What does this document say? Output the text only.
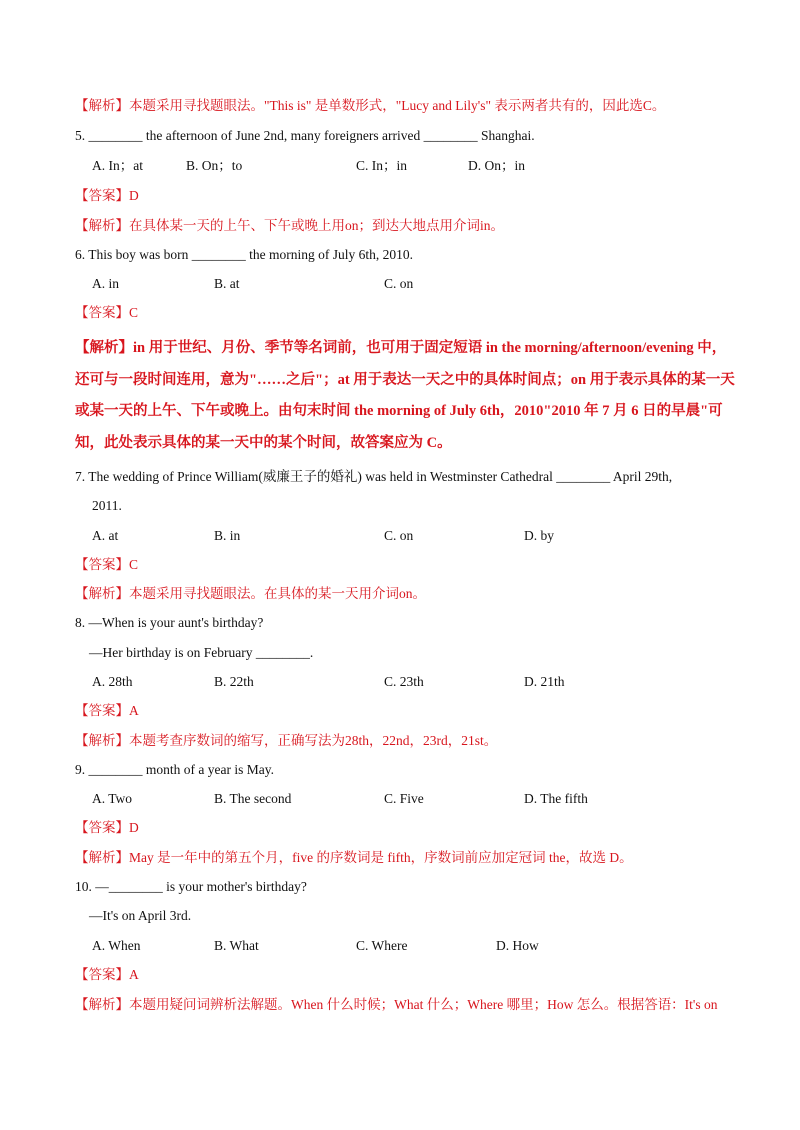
【解析】本题采用寻找题眼法。"This is" 是单数形式，"Lucy and Lily's" 表示两者共有的，因此选C。
5. ________ the afternoon of June 2nd, many foreigners arrived ________ Shanghai.
A. In；at	B. On；to	C. In；in	D. On；in
【答案】D
【解析】在具体某一天的上午、下午或晚上用on；到达大地点用介词in。
6. This boy was born ________ the morning of July 6th, 2010.
A. in	B. at	C. on
【答案】C
【解析】in 用于世纪、月份、季节等名词前，也可用于固定短语 in the morning/afternoon/evening 中，还可与一段时间连用，意为"……之后"；at 用于表达一天之中的具体时间点；on 用于表示具体的某一天或某一天的上午、下午或晚上。由句末时间 the morning of July 6th，2010"2010 年 7 月 6 日的早晨"可知，此处表示具体的某一天中的某个时间，故答案应为 C。
7. The wedding of Prince William(威廉王子的婚礼) was held in Westminster Cathedral ________ April 29th,
2011.
A. at	B. in	C. on	D. by
【答案】C
【解析】本题采用寻找题眼法。在具体的某一天用介词on。
8. —When is your aunt's birthday?
—Her birthday is on February ________.
A. 28th	B. 22th	C. 23th	D. 21th
【答案】A
【解析】本题考查序数词的缩写，正确写法为28th，22nd，23rd，21st。
9. ________ month of a year is May.
A. Two	B. The second	C. Five	D. The fifth
【答案】D
【解析】May 是一年中的第五个月，five 的序数词是 fifth，序数词前应加定冠词 the，故选 D。
10. —________ is your mother's birthday?
—It's on April 3rd.
A. When	B. What	C. Where	D. How
【答案】A
【解析】本题用疑问词辨析法解题。When 什么时候；What 什么；Where 哪里；How 怎么。根据答语：It's on
